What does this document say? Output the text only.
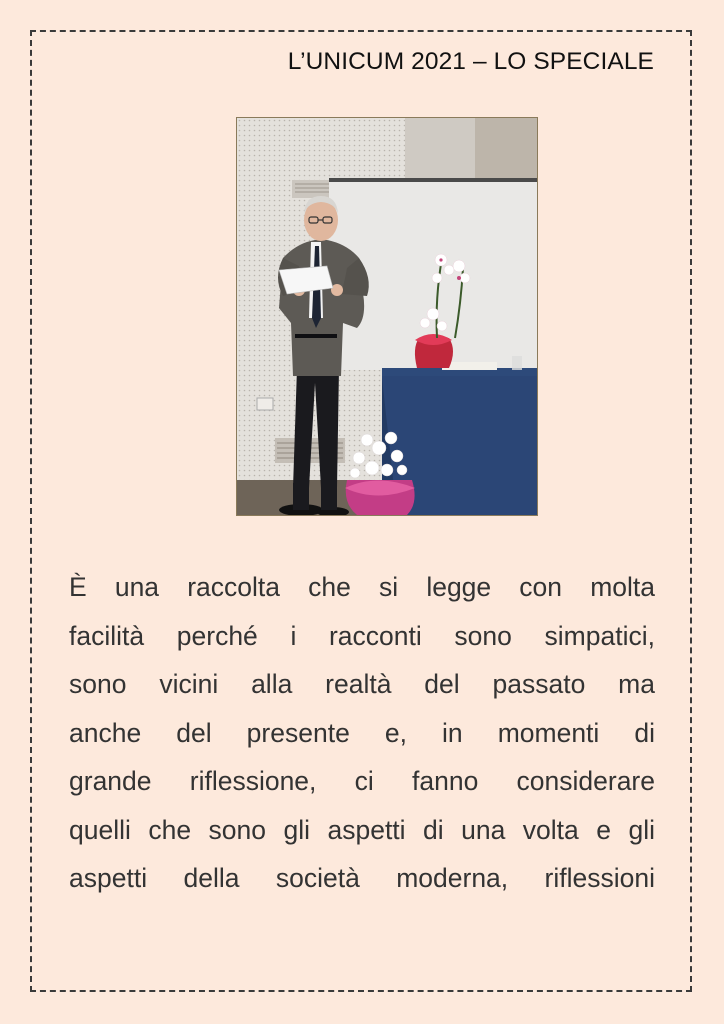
L’UNICUM 2021 – LO SPECIALE
È una raccolta che si legge con molta
facilità perché i racconti sono simpatici,
sono vicini alla realtà del passato ma
anche del presente e, in momenti di
grande riflessione, ci fanno considerare
quelli che sono gli aspetti di una volta e gli
aspetti della società moderna, riflessioni
